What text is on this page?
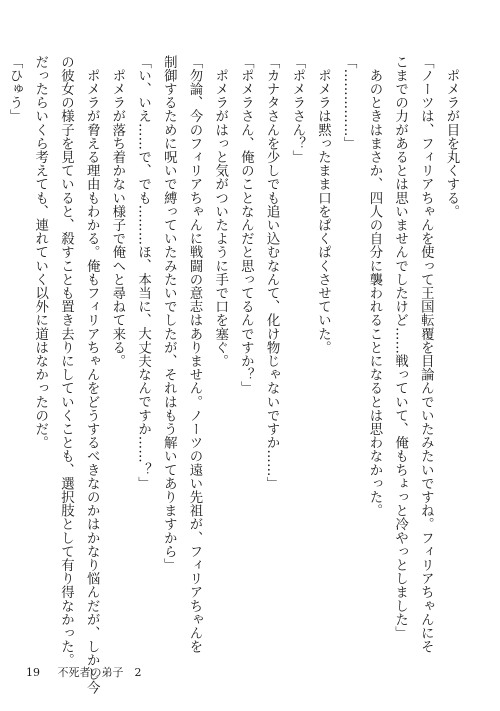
　ポメラが目を丸くする。
「ノーツは、フィリアちゃんを使って王国転覆を目論んでいたみたいですね。フィリアちゃんにそ
こまでの力があるとは思いませんでしたけど……戦っていて、俺もちょっと冷やっとしました」
　あのときはまさか、四人の自分に襲われることになるとは思わなかった。
「……………」
　ポメラは黙ったまま口をぱくぱくさせていた。
「ポメラさん？」
「カナタさんを少しでも追い込むなんて、化け物じゃないですか……」
「ポメラさん、俺のことなんだと思ってるんですか？」
　ポメラがはっと気がついたように手で口を塞ぐ。
「勿論、今のフィリアちゃんに戦闘の意志はありません。ノーツの遠い先祖が、フィリアちゃんを
制御するために呪いで縛っていたみたいでしたが、それはもう解いてありますから」
「い、いえ……で、でも………ほ、本当に、大丈夫なんですか……？」
　ポメラが落ち着かない様子で俺へと尋ねて来る。
　ポメラが脅える理由もわかる。俺もフィリアちゃんをどうするべきなのかはかなり悩んだが、しかし今
の彼女の様子を見ていると、殺すことも置き去りにしていくことも、選択肢として有り得なかった。
だったらいくら考えても、連れていく以外に道はなかったのだ。
「ひゅう」
19 不死者の弟子　2
